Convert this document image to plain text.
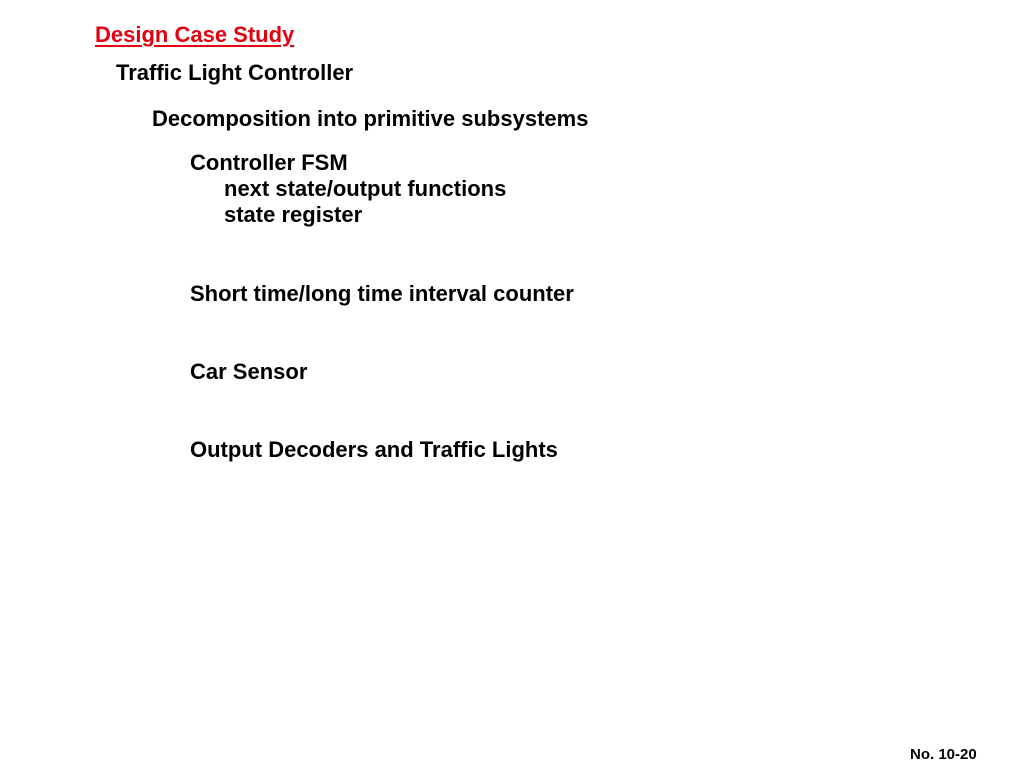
Design Case Study
Traffic Light Controller
Decomposition into primitive subsystems
Controller FSM
next state/output functions
state register
Short time/long time interval counter
Car Sensor
Output Decoders and Traffic Lights
No. 10-20
